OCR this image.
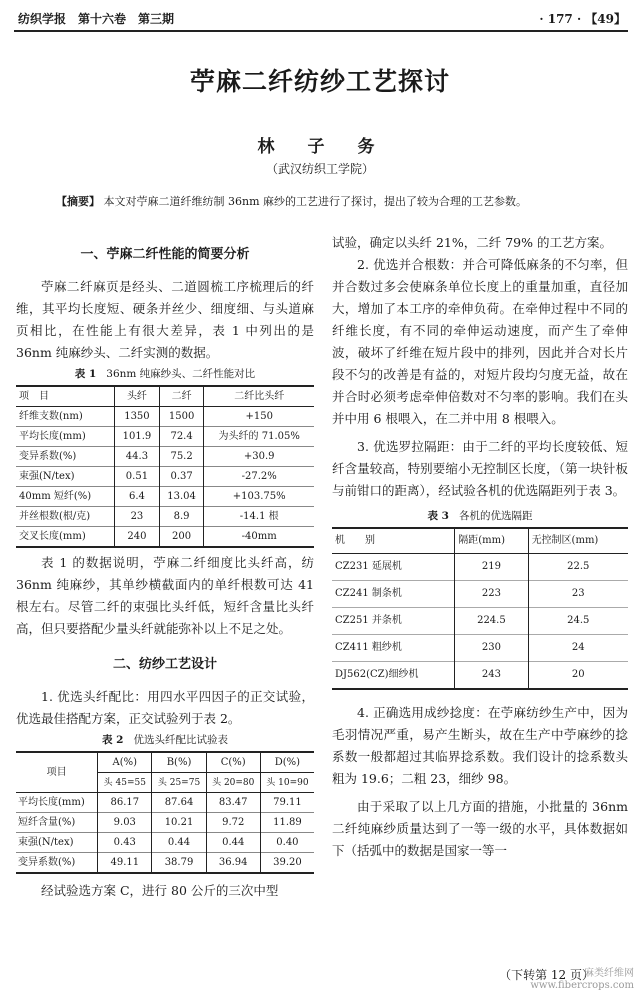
纺织学报　第十六卷　第三期	· 177 · 【49】
苧麻二纤纺纱工艺探讨
林　子　务
（武汉纺织工学院）
【摘要】 本文对苧麻二道纤维纺制 36nm 麻纱的工艺进行了探讨，提出了较为合理的工艺参数。
一、苧麻二纤性能的简要分析

苧麻二纤麻页是经头、二道圆梳工序梳理后的纤维，其平均长度短、硬条并丝少、细度细、与头道麻页相比，在性能上有很大差异，表 1 中列出的是 36nm 纯麻纱头、二纤实测的数据。

表 1 36nm 纯麻纱头、二纤性能对比
项　目	头纤	二纤	二纤比头纤
纤维支数(nm)	1350	1500	+150
平均长度(mm)	101.9	72.4	为头纤的 71.05%
变异系数(%)	44.3	75.2	+30.9
束强(N/tex)	0.51	0.37	-27.2%
40mm 短纤(%)	6.4	13.04	+103.75%
并丝根数(根/克)	23	8.9	-14.1 根
交叉长度(mm)	240	200	-40mm

表 1 的数据说明，苧麻二纤细度比头纤高，纺 36nm 纯麻纱，其单纱横截面内的单纤根数可达 41 根左右。尽管二纤的束强比头纤低，短纤含量比头纤高，但只要搭配少量头纤就能弥补以上不足之处。

二、纺纱工艺设计

1. 优选头纤配比：用四水平四因子的正交试验，优选最佳搭配方案，正交试验列于表 2。

表 2 优选头纤配比试验表
项目	A(%)	B(%)	C(%)	D(%)
	头 45=55	头 25=75	头 20=80	头 10=90
平均长度(mm)	86.17	87.64	83.47	79.11
短纤含量(%)	9.03	10.21	9.72	11.89
束强(N/tex)	0.43	0.44	0.44	0.40
变异系数(%)	49.11	38.79	36.94	39.20

经试验选方案 C，进行 80 公斤的三次中型

试验，确定以头纤 21%，二纤 79% 的工艺方案。

2. 优选并合根数：并合可降低麻条的不匀率，但并合数过多会使麻条单位长度上的重量加重，直径加大，增加了本工序的牵伸负荷。在牵伸过程中不同的纤维长度，有不同的牵伸运动速度，而产生了牵伸波，破坏了纤维在短片段中的排列，因此并合对长片段不匀的改善是有益的，对短片段均匀度无益，故在并合时必须考虑牵伸倍数对不匀率的影响。我们在头并中用 6 根喂入，在二并中用 8 根喂入。

3. 优选罗拉隔距：由于二纤的平均长度较低、短纤含量较高，特别要缩小无控制区长度，（第一块针板与前钳口的距离），经试验各机的优选隔距列于表 3。

表 3 各机的优选隔距
机　　别	隔距(mm)	无控制区(mm)
CZ231 延展机	219	22.5
CZ241 制条机	223	23
CZ251 并条机	224.5	24.5
CZ411 粗纱机	230	24
DJ562(CZ)细纱机	243	20

4. 正确选用成纱捻度：在苧麻纺纱生产中，因为毛羽情况严重，易产生断头，故在生产中苧麻纱的捻系数一般都超过其临界捻系数。我们设计的捻系数头粗为 19.6；二粗 23，细纱 98。

由于采取了以上几方面的措施，小批量的 36nm 二纤纯麻纱质量达到了一等一级的水平，具体数据如下（括弧中的数据是国家一等一

（下转第 12 页）
麻类纤维网
www.fibercrops.com
